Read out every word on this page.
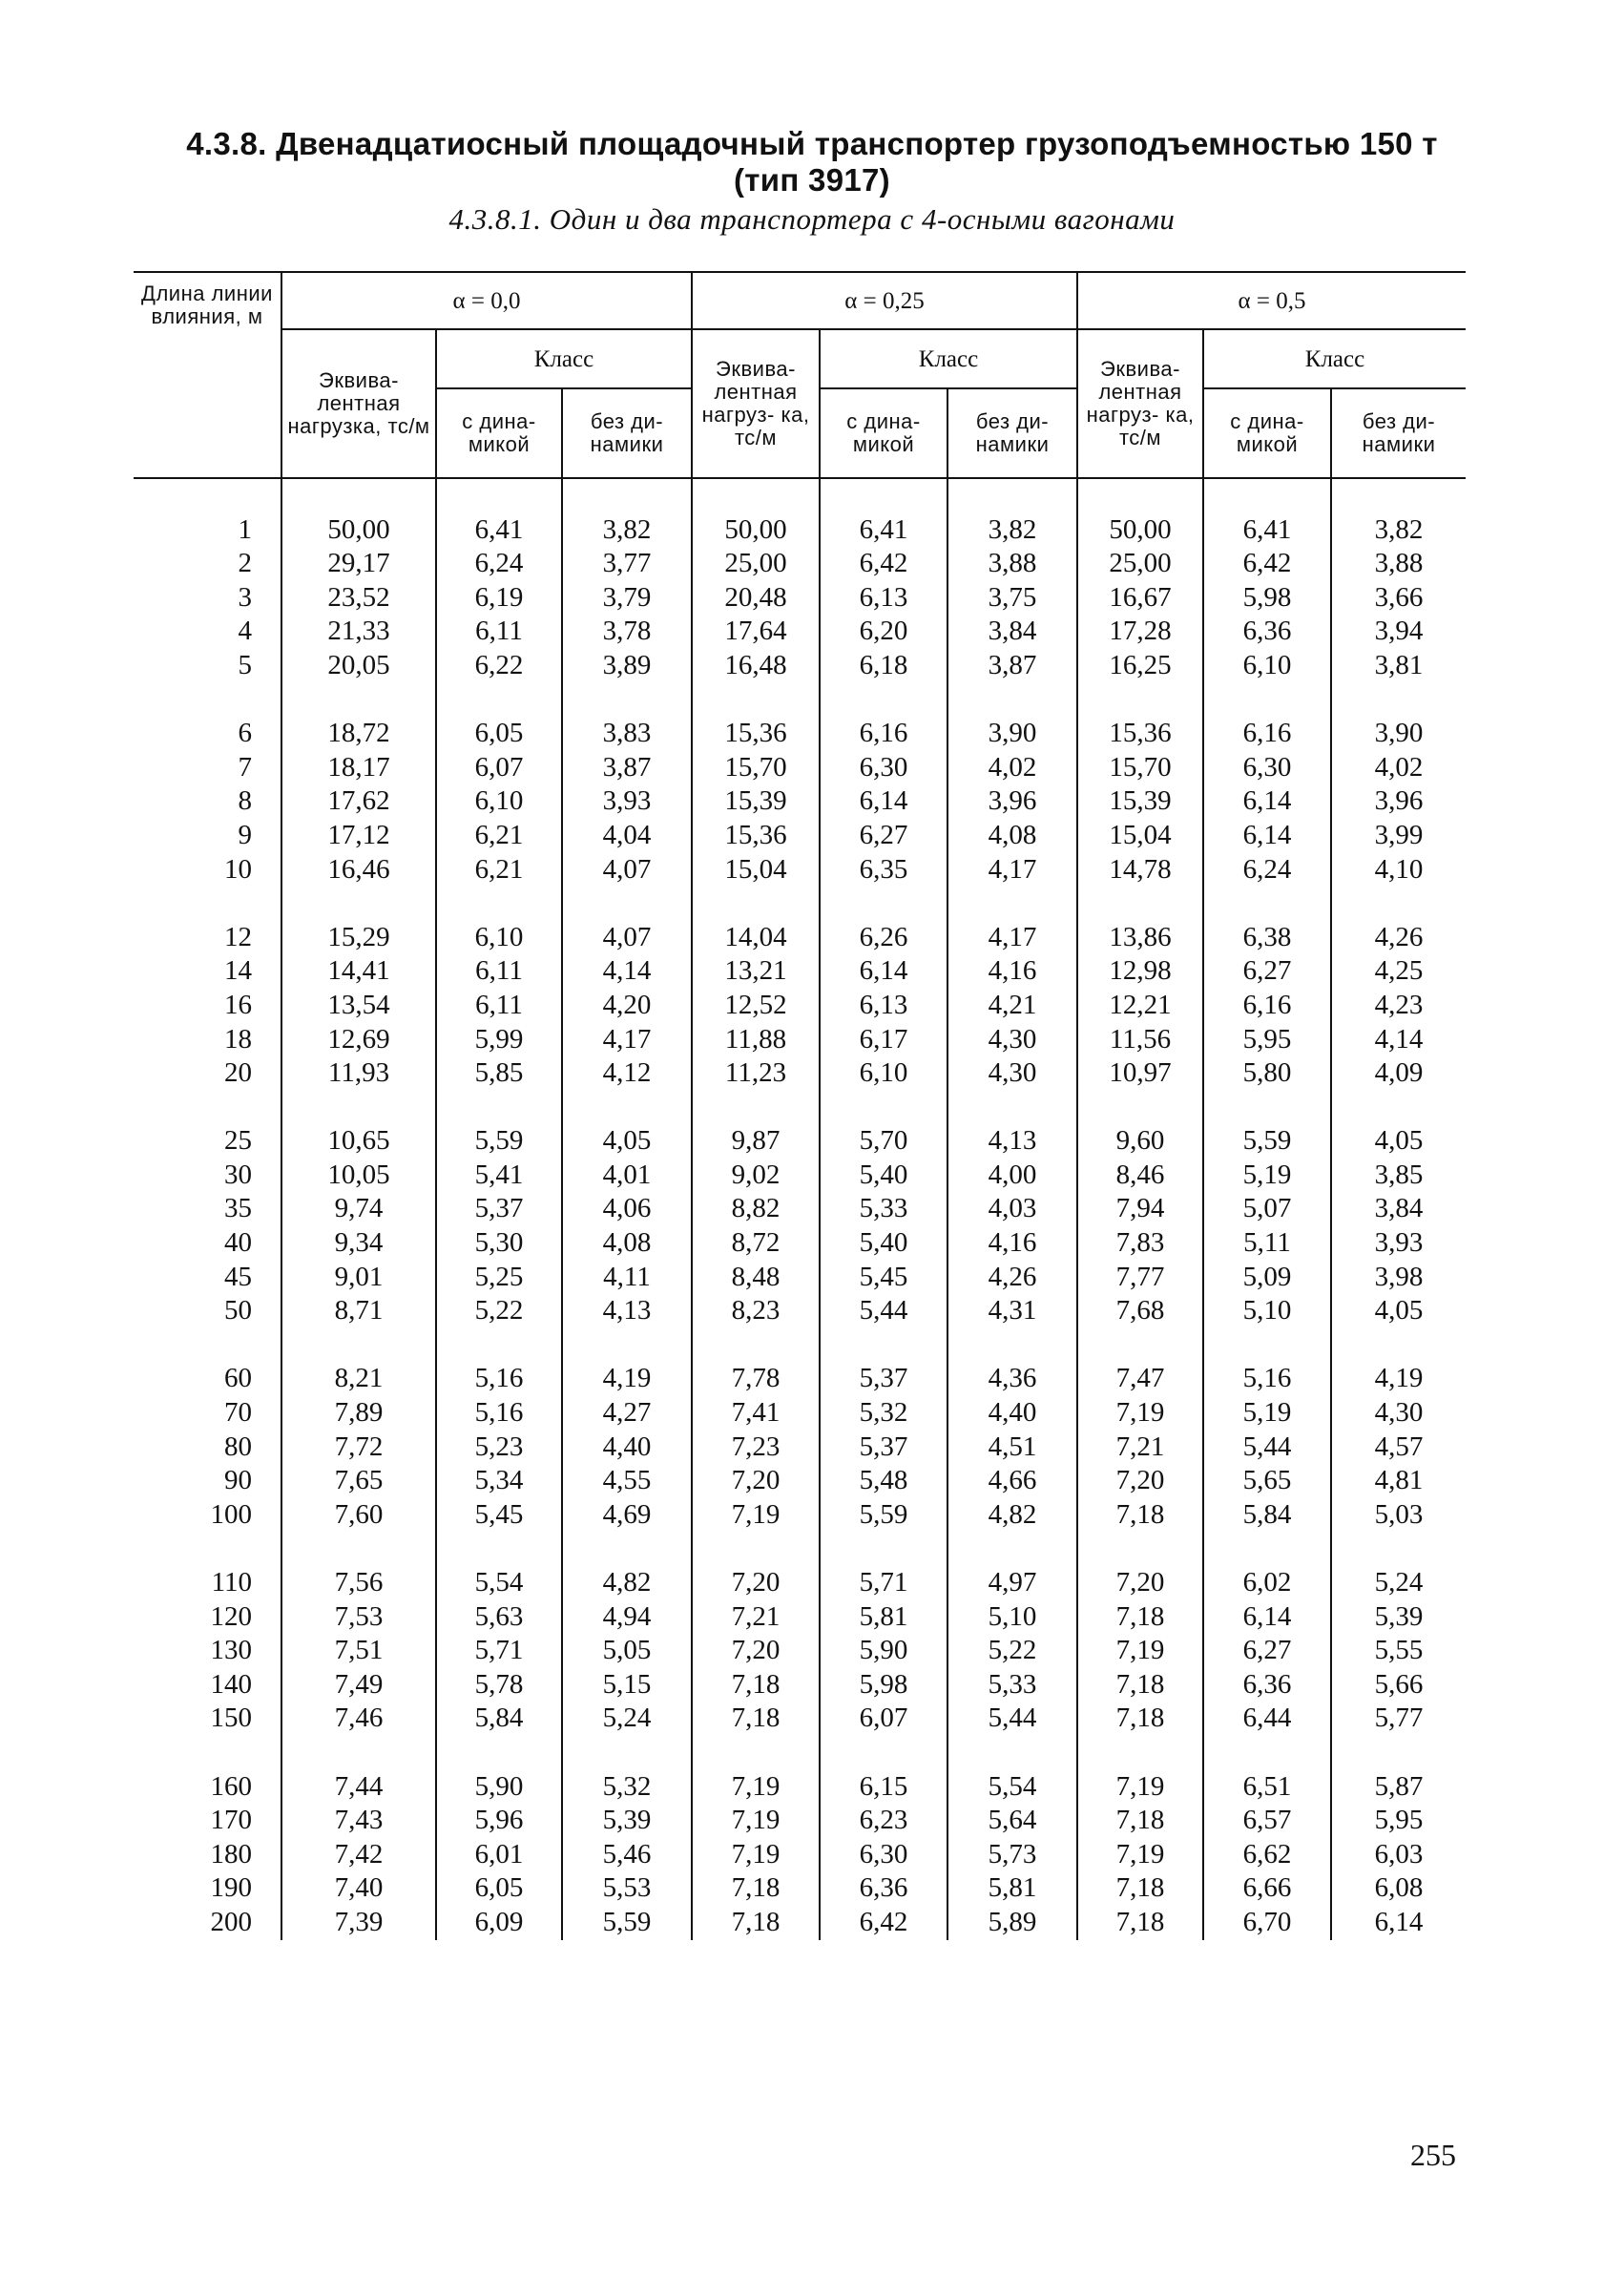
4.3.8. Двенадцатиосный площадочный транспортер грузоподъемностью 150 т
(тип 3917)
4.3.8.1. Один и два транспортера с 4-осными вагонами
Длина линии влияния, м	α = 0,0			α = 0,25			α = 0,5		
	Эквива- лентная нагрузка, тс/м	Класс		Эквива- лентная нагруз- ка, тс/м	Класс		Эквива- лентная нагруз- ка, тс/м	Класс	
		с дина- микой	без ди- намики		с дина- микой	без ди- намики		с дина- микой	без ди- намики

1	50,00	6,41	3,82	50,00	6,41	3,82	50,00	6,41	3,82
2	29,17	6,24	3,77	25,00	6,42	3,88	25,00	6,42	3,88
3	23,52	6,19	3,79	20,48	6,13	3,75	16,67	5,98	3,66
4	21,33	6,11	3,78	17,64	6,20	3,84	17,28	6,36	3,94
5	20,05	6,22	3,89	16,48	6,18	3,87	16,25	6,10	3,81

6	18,72	6,05	3,83	15,36	6,16	3,90	15,36	6,16	3,90
7	18,17	6,07	3,87	15,70	6,30	4,02	15,70	6,30	4,02
8	17,62	6,10	3,93	15,39	6,14	3,96	15,39	6,14	3,96
9	17,12	6,21	4,04	15,36	6,27	4,08	15,04	6,14	3,99
10	16,46	6,21	4,07	15,04	6,35	4,17	14,78	6,24	4,10

12	15,29	6,10	4,07	14,04	6,26	4,17	13,86	6,38	4,26
14	14,41	6,11	4,14	13,21	6,14	4,16	12,98	6,27	4,25
16	13,54	6,11	4,20	12,52	6,13	4,21	12,21	6,16	4,23
18	12,69	5,99	4,17	11,88	6,17	4,30	11,56	5,95	4,14
20	11,93	5,85	4,12	11,23	6,10	4,30	10,97	5,80	4,09

25	10,65	5,59	4,05	9,87	5,70	4,13	9,60	5,59	4,05
30	10,05	5,41	4,01	9,02	5,40	4,00	8,46	5,19	3,85
35	9,74	5,37	4,06	8,82	5,33	4,03	7,94	5,07	3,84
40	9,34	5,30	4,08	8,72	5,40	4,16	7,83	5,11	3,93
45	9,01	5,25	4,11	8,48	5,45	4,26	7,77	5,09	3,98
50	8,71	5,22	4,13	8,23	5,44	4,31	7,68	5,10	4,05

60	8,21	5,16	4,19	7,78	5,37	4,36	7,47	5,16	4,19
70	7,89	5,16	4,27	7,41	5,32	4,40	7,19	5,19	4,30
80	7,72	5,23	4,40	7,23	5,37	4,51	7,21	5,44	4,57
90	7,65	5,34	4,55	7,20	5,48	4,66	7,20	5,65	4,81
100	7,60	5,45	4,69	7,19	5,59	4,82	7,18	5,84	5,03

110	7,56	5,54	4,82	7,20	5,71	4,97	7,20	6,02	5,24
120	7,53	5,63	4,94	7,21	5,81	5,10	7,18	6,14	5,39
130	7,51	5,71	5,05	7,20	5,90	5,22	7,19	6,27	5,55
140	7,49	5,78	5,15	7,18	5,98	5,33	7,18	6,36	5,66
150	7,46	5,84	5,24	7,18	6,07	5,44	7,18	6,44	5,77

160	7,44	5,90	5,32	7,19	6,15	5,54	7,19	6,51	5,87
170	7,43	5,96	5,39	7,19	6,23	5,64	7,18	6,57	5,95
180	7,42	6,01	5,46	7,19	6,30	5,73	7,19	6,62	6,03
190	7,40	6,05	5,53	7,18	6,36	5,81	7,18	6,66	6,08
200	7,39	6,09	5,59	7,18	6,42	5,89	7,18	6,70	6,14
255
